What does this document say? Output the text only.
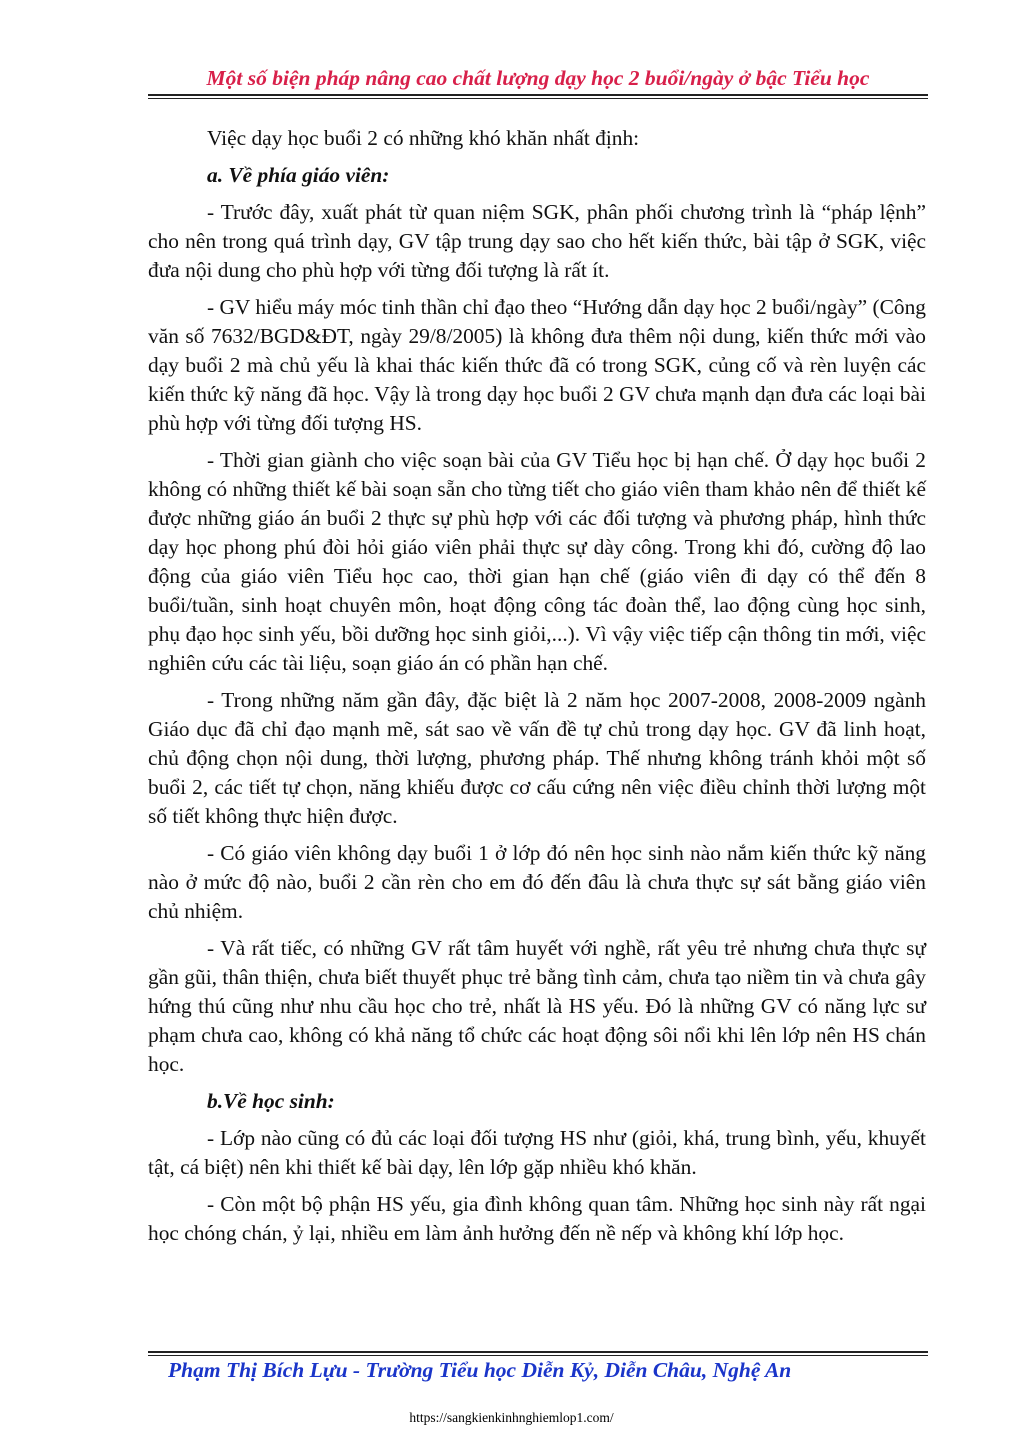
Một số biện pháp nâng cao chất lượng dạy học 2 buổi/ngày ở bậc Tiểu học

Việc dạy học buổi 2 có những khó khăn nhất định:

a. Về phía giáo viên:

- Trước đây, xuất phát từ quan niệm SGK, phân phối chương trình là “pháp lệnh” cho nên trong quá trình dạy, GV tập trung dạy sao cho hết kiến thức, bài tập ở SGK, việc đưa nội dung cho phù hợp với từng đối tượng là rất ít.

- GV hiểu máy móc tinh thần chỉ đạo theo “Hướng dẫn dạy học 2 buổi/ngày” (Công văn số 7632/BGD&ĐT, ngày 29/8/2005) là không đưa thêm nội dung, kiến thức mới vào dạy buổi 2 mà chủ yếu là khai thác kiến thức đã có trong SGK, củng cố và rèn luyện các kiến thức kỹ năng đã học. Vậy là trong dạy học buổi 2 GV chưa mạnh dạn đưa các loại bài phù hợp với từng đối tượng HS.

- Thời gian giành cho việc soạn bài của GV Tiểu học bị hạn chế. Ở dạy học buổi 2 không có những thiết kế bài soạn sẵn cho từng tiết cho giáo viên tham khảo nên để thiết kế được những giáo án buổi 2 thực sự phù hợp với các đối tượng và phương pháp, hình thức dạy học phong phú đòi hỏi giáo viên phải thực sự dày công. Trong khi đó, cường độ lao động của giáo viên Tiểu học cao, thời gian hạn chế (giáo viên đi dạy có thể đến 8 buổi/tuần, sinh hoạt chuyên môn, hoạt động công tác đoàn thể, lao động cùng học sinh, phụ đạo học sinh yếu, bồi dưỡng học sinh giỏi,...). Vì vậy việc tiếp cận thông tin mới, việc nghiên cứu các tài liệu, soạn giáo án có phần hạn chế.

- Trong những năm gần đây, đặc biệt là 2 năm học 2007-2008, 2008-2009 ngành Giáo dục đã chỉ đạo mạnh mẽ, sát sao về vấn đề tự chủ trong dạy học. GV đã linh hoạt, chủ động chọn nội dung, thời lượng, phương pháp. Thế nhưng không tránh khỏi một số buổi 2, các tiết tự chọn, năng khiếu được cơ cấu cứng nên việc điều chỉnh thời lượng một số tiết không thực hiện được.

- Có giáo viên không dạy buổi 1 ở lớp đó nên học sinh nào nắm kiến thức kỹ năng nào ở mức độ nào, buổi 2 cần rèn cho em đó đến đâu là chưa thực sự sát bằng giáo viên chủ nhiệm.

- Và rất tiếc, có những GV rất tâm huyết với nghề, rất yêu trẻ nhưng chưa thực sự gần gũi, thân thiện, chưa biết thuyết phục trẻ bằng tình cảm, chưa tạo niềm tin và chưa gây hứng thú cũng như nhu cầu học cho trẻ, nhất là HS yếu. Đó là những GV có năng lực sư phạm chưa cao, không có khả năng tổ chức các hoạt động sôi nổi khi lên lớp nên HS chán học.

b.Về học sinh:

- Lớp nào cũng có đủ các loại đối tượng HS như (giỏi, khá, trung bình, yếu, khuyết tật, cá biệt) nên khi thiết kế bài dạy, lên lớp gặp nhiều khó khăn.

- Còn một bộ phận HS yếu, gia đình không quan tâm. Những học sinh này rất ngại học chóng chán, ỷ lại, nhiều em làm ảnh hưởng đến nề nếp và không khí lớp học.

Phạm Thị Bích Lựu - Trường Tiểu học Diễn Kỷ, Diễn Châu, Nghệ An
https://sangkienkinhnghiemlop1.com/
